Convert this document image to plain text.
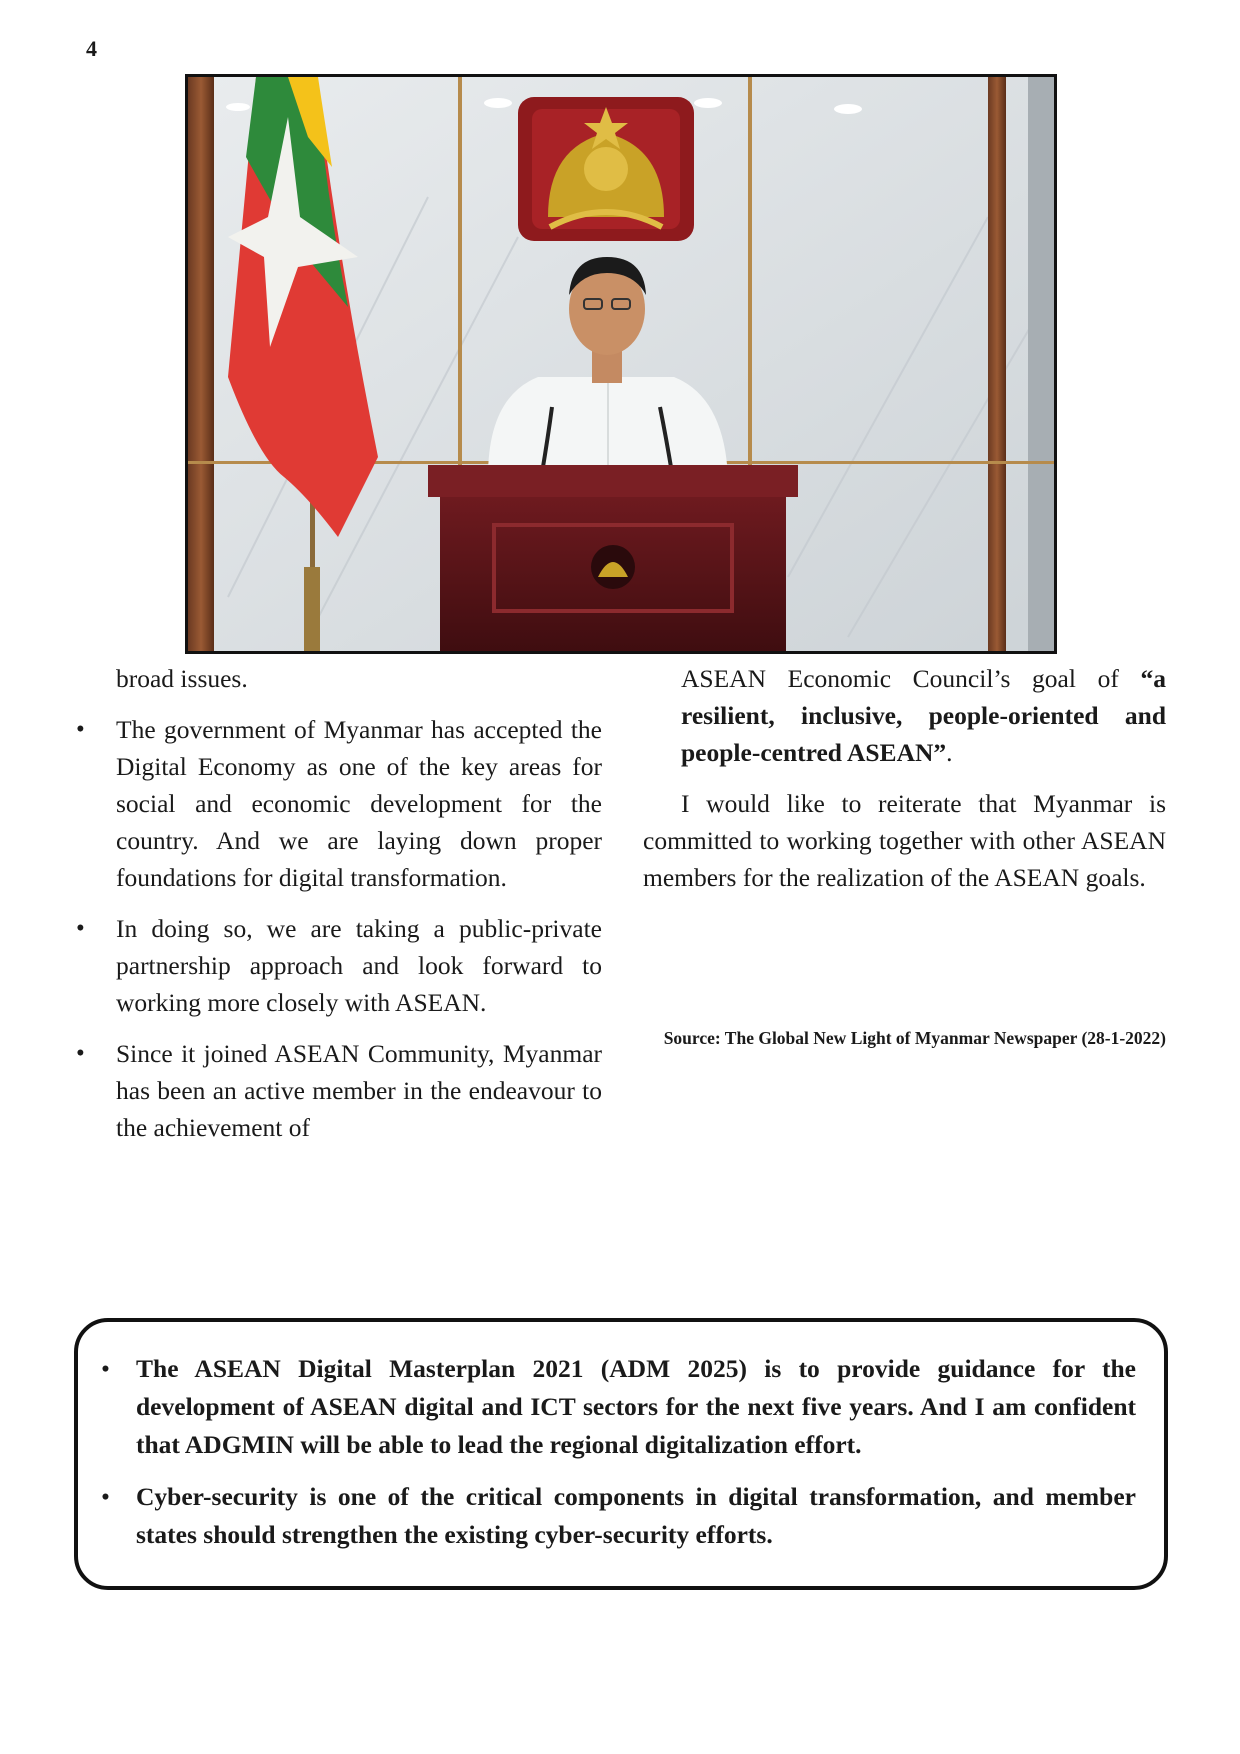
4

broad issues.

• The government of Myanmar has accepted the Digital Economy as one of the key areas for social and economic development for the country. And we are laying down proper foundations for digital transformation.
• In doing so, we are taking a public-private partnership approach and look forward to working more closely with ASEAN.
• Since it joined ASEAN Community, Myanmar has been an active member in the endeavour to the achievement of

ASEAN Economic Council’s goal of “a resilient, inclusive, people-oriented and people-centred ASEAN”.

I would like to reiterate that Myanmar is committed to working together with other ASEAN members for the realization of the ASEAN goals.

Source: The Global New Light of Myanmar Newspaper (28-1-2022)
• The ASEAN Digital Masterplan 2021 (ADM 2025) is to provide guidance for the development of ASEAN digital and ICT sectors for the next five years. And I am confident that ADGMIN will be able to lead the regional digitalization effort.
• Cyber-security is one of the critical components in digital transformation, and member states should strengthen the existing cyber-security efforts.
